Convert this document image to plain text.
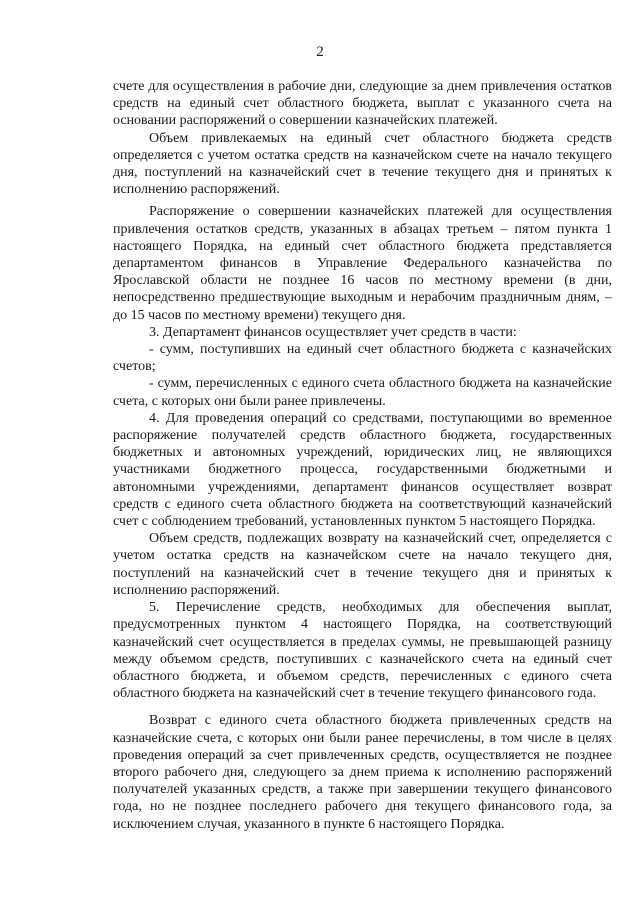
2

счете для осуществления в рабочие дни, следующие за днем привлечения остатков средств на единый счет областного бюджета, выплат с указанного счета на основании распоряжений о совершении казначейских платежей.

Объем привлекаемых на единый счет областного бюджета средств определяется с учетом остатка средств на казначейском счете на начало текущего дня, поступлений на казначейский счет в течение текущего дня и принятых к исполнению распоряжений.

Распоряжение о совершении казначейских платежей для осуществления привлечения остатков средств, указанных в абзацах третьем – пятом пункта 1 настоящего Порядка, на единый счет областного бюджета представляется департаментом финансов в Управление Федерального казначейства по Ярославской области не позднее 16 часов по местному времени (в дни, непосредственно предшествующие выходным и нерабочим праздничным дням, – до 15 часов по местному времени) текущего дня.

3. Департамент финансов осуществляет учет средств в части:

- сумм, поступивших на единый счет областного бюджета с казначейских счетов;

- сумм, перечисленных с единого счета областного бюджета на казначейские счета, с которых они были ранее привлечены.

4. Для проведения операций со средствами, поступающими во временное распоряжение получателей средств областного бюджета, государственных бюджетных и автономных учреждений, юридических лиц, не являющихся участниками бюджетного процесса, государственными бюджетными и автономными учреждениями, департамент финансов осуществляет возврат средств с единого счета областного бюджета на соответствующий казначейский счет с соблюдением требований, установленных пунктом 5 настоящего Порядка.

Объем средств, подлежащих возврату на казначейский счет, определяется с учетом остатка средств на казначейском счете на начало текущего дня, поступлений на казначейский счет в течение текущего дня и принятых к исполнению распоряжений.

5. Перечисление средств, необходимых для обеспечения выплат, предусмотренных пунктом 4 настоящего Порядка, на соответствующий казначейский счет осуществляется в пределах суммы, не превышающей разницу между объемом средств, поступивших с казначейского счета на единый счет областного бюджета, и объемом средств, перечисленных с единого счета областного бюджета на казначейский счет в течение текущего финансового года.

Возврат с единого счета областного бюджета привлеченных средств на казначейские счета, с которых они были ранее перечислены, в том числе в целях проведения операций за счет привлеченных средств, осуществляется не позднее второго рабочего дня, следующего за днем приема к исполнению распоряжений получателей указанных средств, а также при завершении текущего финансового года, но не позднее последнего рабочего дня текущего финансового года, за исключением случая, указанного в пункте 6 настоящего Порядка.
